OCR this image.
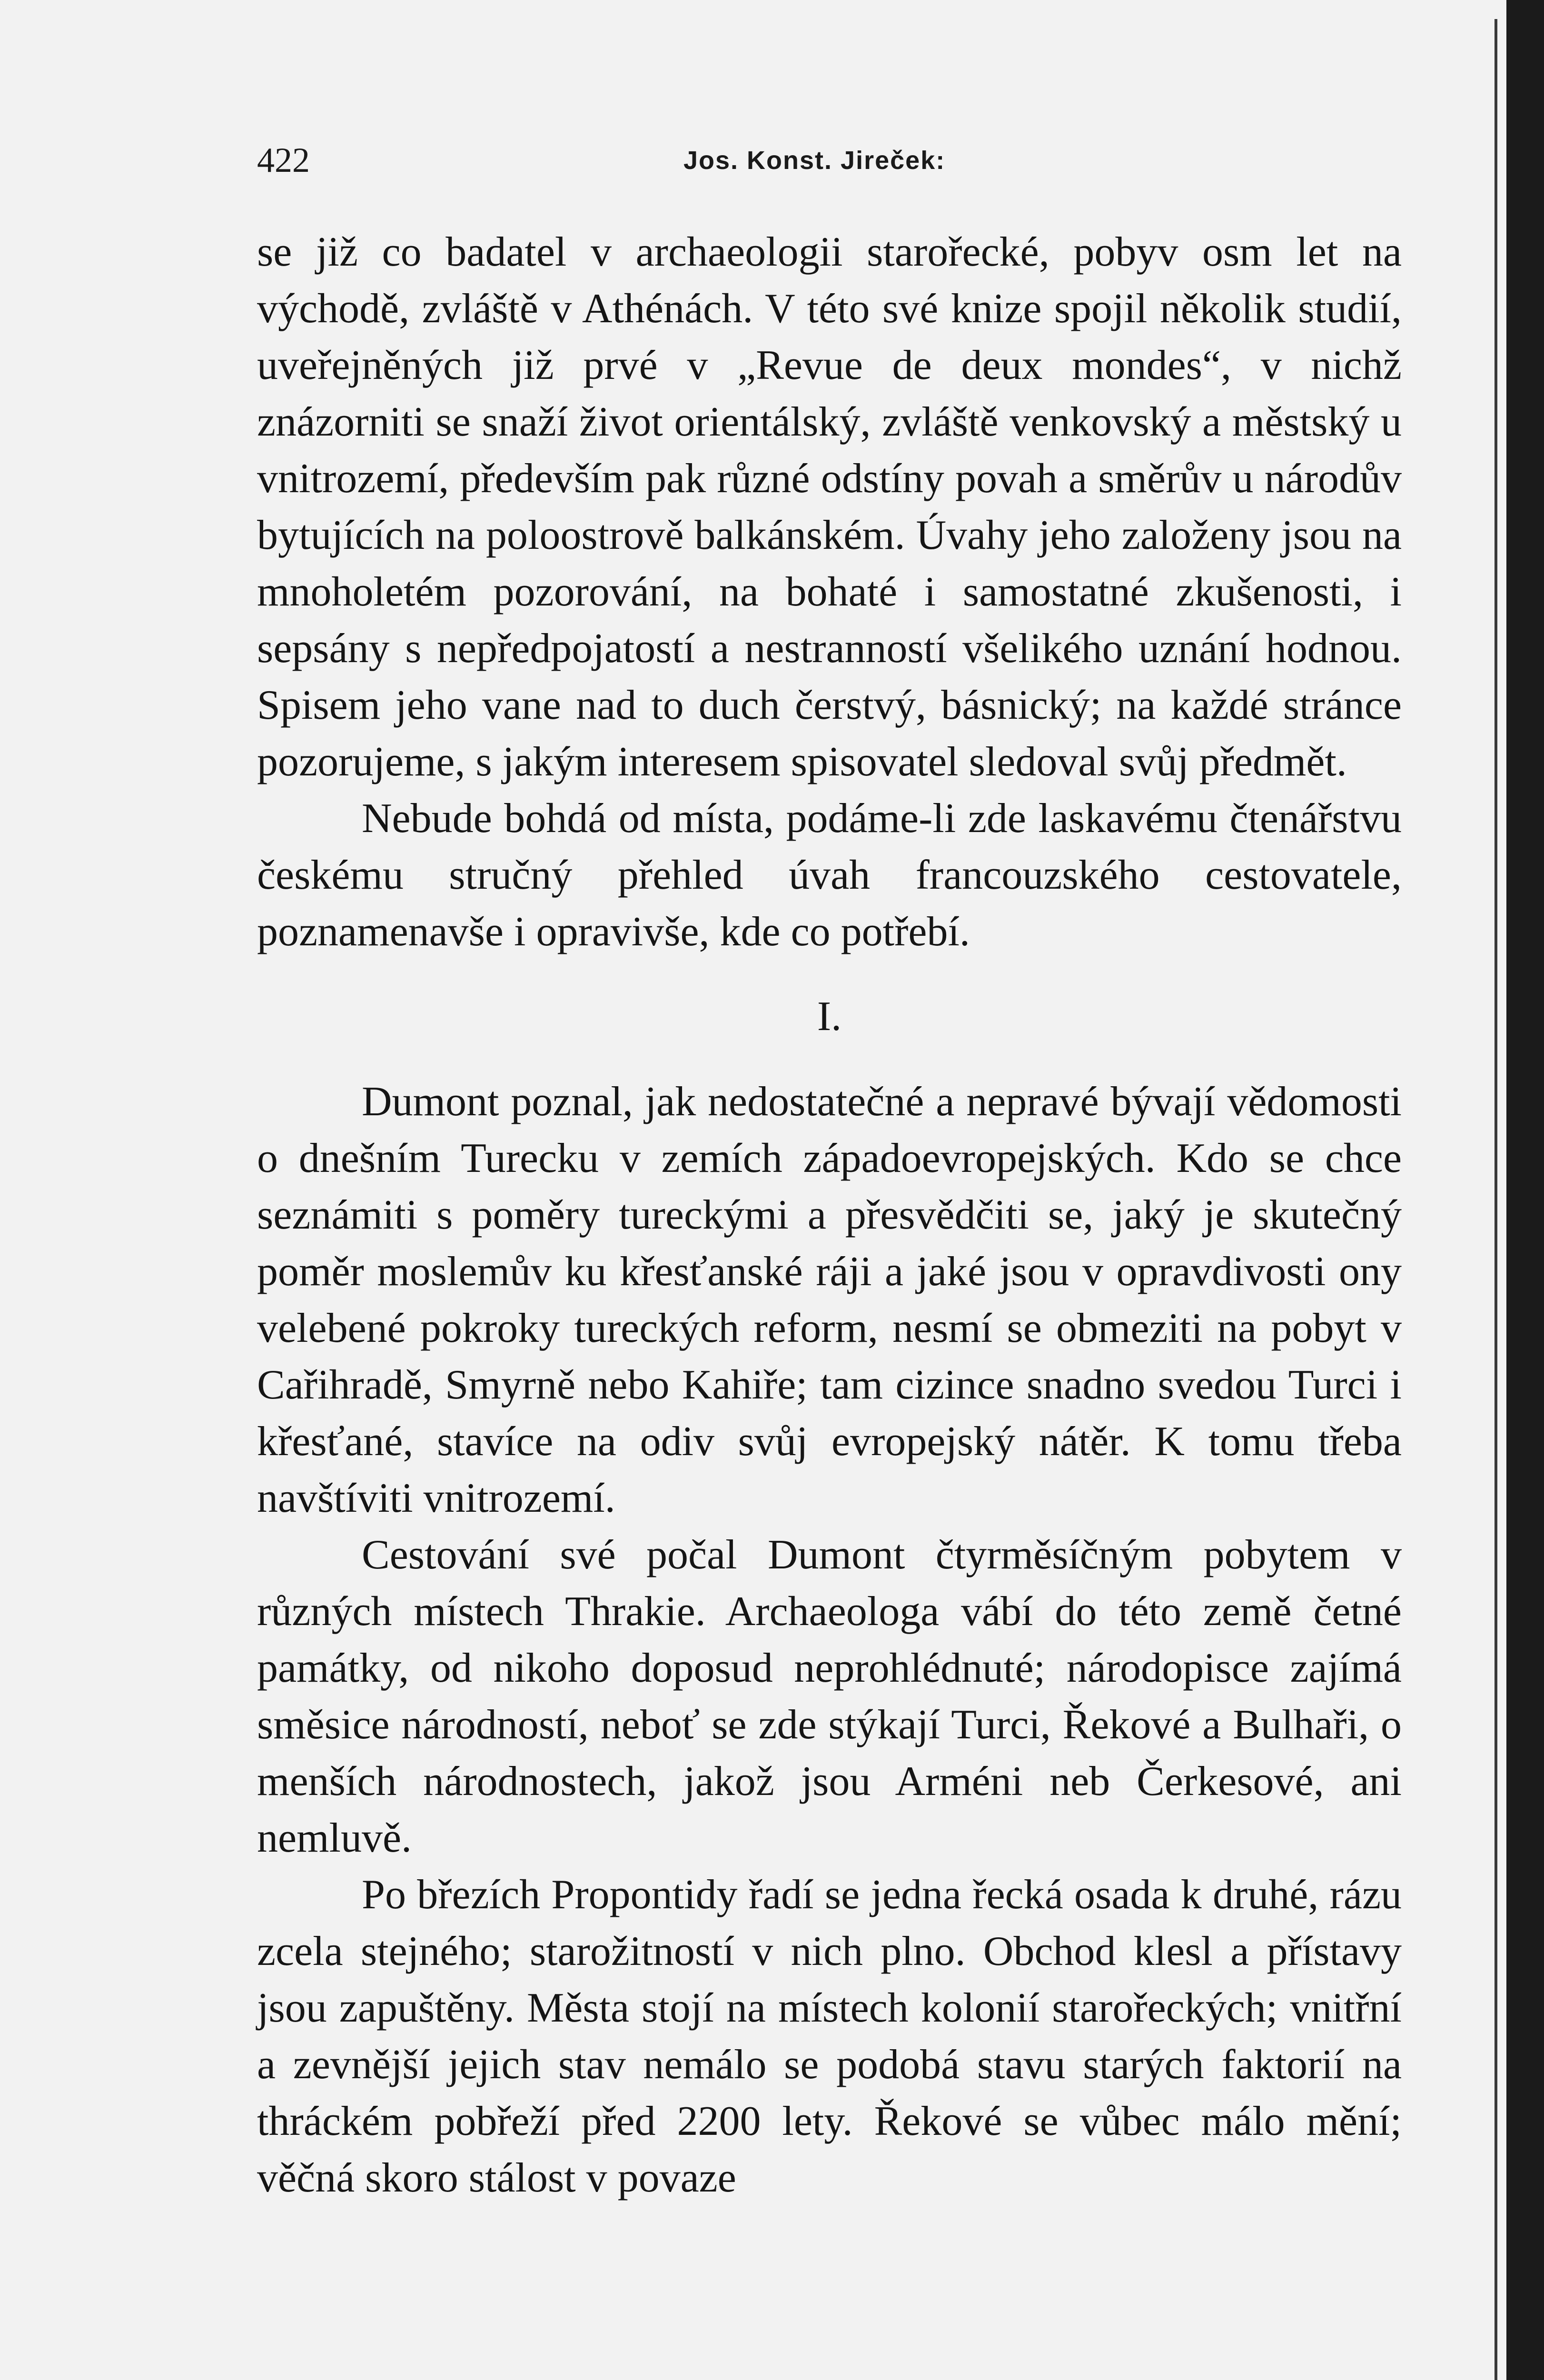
422	Jos. Konst. Jireček:

se již co badatel v archaeologii starořecké, pobyv osm let na východě, zvláště v Athénách. V této své knize spojil několik studií, uveřejněných již prvé v „Revue de deux mondes“, v nichž znázorniti se snaží život orientálský, zvláště venkovský a městský u vnitrozemí, především pak různé odstíny povah a směrův u národův bytujících na poloostrově balkánském. Úvahy jeho založeny jsou na mnoholetém pozorování, na bohaté i samostatné zkušenosti, i sepsány s nepředpojatostí a nestranností všelikého uznání hodnou. Spisem jeho vane nad to duch čerstvý, básnický; na každé stránce pozorujeme, s jakým interesem spisovatel sledoval svůj předmět.

Nebude bohdá od místa, podáme-li zde laskavému čtenářstvu českému stručný přehled úvah francouzského cestovatele, poznamenavše i opravivše, kde co potřebí.

I.

Dumont poznal, jak nedostatečné a nepravé bývají vědomosti o dnešním Turecku v zemích západoevropejských. Kdo se chce seznámiti s poměry tureckými a přesvědčiti se, jaký je skutečný poměr moslemův ku křesťanské ráji a jaké jsou v opravdivosti ony velebené pokroky tureckých reform, nesmí se obmeziti na pobyt v Cařihradě, Smyrně nebo Kahiře; tam cizince snadno svedou Turci i křesťané, stavíce na odiv svůj evropejský nátěr. K tomu třeba navštíviti vnitrozemí.

Cestování své počal Dumont čtyrměsíčným pobytem v různých místech Thrakie. Archaeologa vábí do této země četné památky, od nikoho doposud neprohlédnuté; národopisce zajímá směsice národností, neboť se zde stýkají Turci, Řekové a Bulhaři, o menších národnostech, jakož jsou Arméni neb Čerkesové, ani nemluvě.

Po březích Propontidy řadí se jedna řecká osada k druhé, rázu zcela stejného; starožitností v nich plno. Obchod klesl a přístavy jsou zapuštěny. Města stojí na místech kolonií starořeckých; vnitřní a zevnější jejich stav nemálo se podobá stavu starých faktorií na thráckém pobřeží před 2200 lety. Řekové se vůbec málo mění; věčná skoro stálost v povaze
